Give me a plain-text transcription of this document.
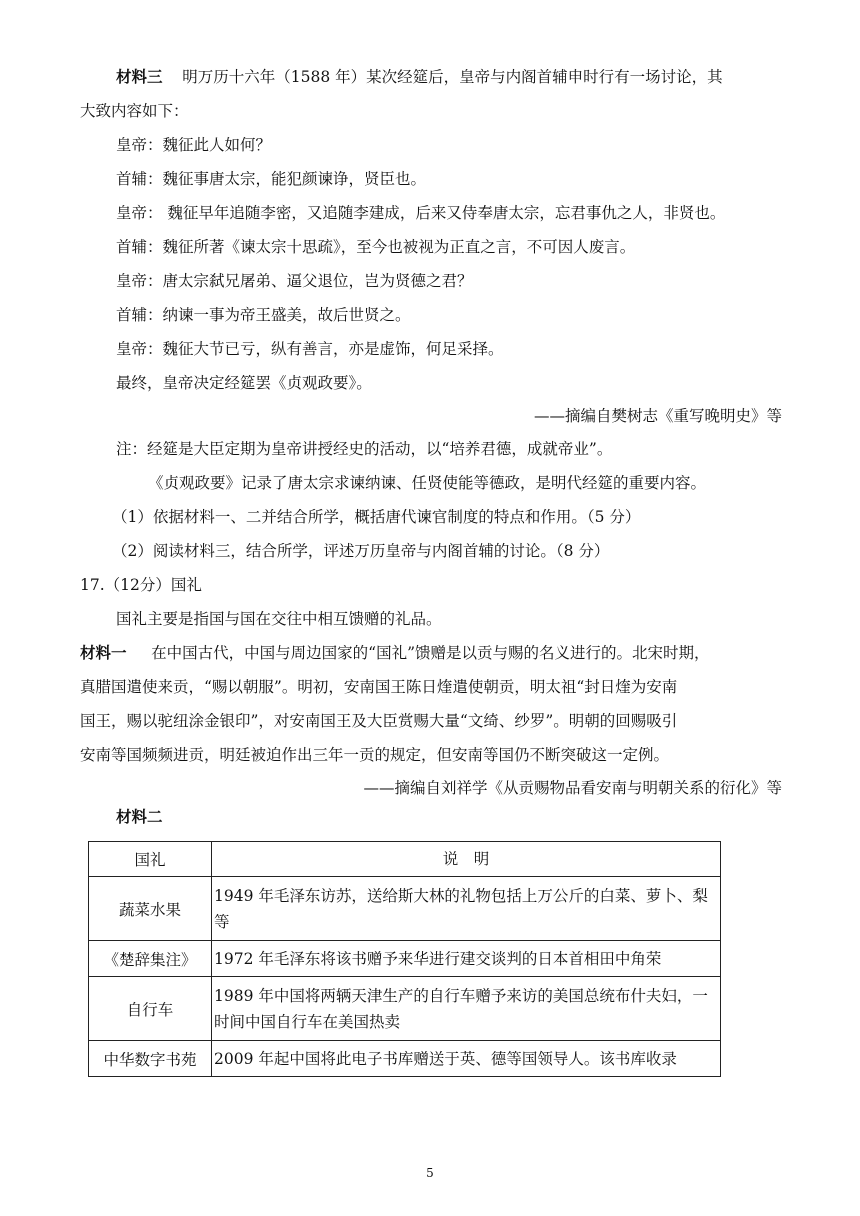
材料三 明万历十六年（1588 年）某次经筵后，皇帝与内阁首辅申时行有一场讨论，其
大致内容如下：
皇帝：魏征此人如何？
首辅：魏征事唐太宗，能犯颜谏诤，贤臣也。
皇帝： 魏征早年追随李密，又追随李建成，后来又侍奉唐太宗，忘君事仇之人，非贤也。
首辅：魏征所著《谏太宗十思疏》，至今也被视为正直之言，不可因人废言。
皇帝：唐太宗弑兄屠弟、逼父退位，岂为贤德之君？
首辅：纳谏一事为帝王盛美，故后世贤之。
皇帝：魏征大节已亏，纵有善言，亦是虚饰，何足采择。
最终，皇帝决定经筵罢《贞观政要》。
——摘编自樊树志《重写晚明史》等
注：经筵是大臣定期为皇帝讲授经史的活动，以“培养君德，成就帝业”。
《贞观政要》记录了唐太宗求谏纳谏、任贤使能等德政，是明代经筵的重要内容。
（1）依据材料一、二并结合所学，概括唐代谏官制度的特点和作用。（5 分）
（2）阅读材料三，结合所学，评述万历皇帝与内阁首辅的讨论。（8 分）
17.（12分）国礼
国礼主要是指国与国在交往中相互馈赠的礼品。
材料一 在中国古代，中国与周边国家的“国礼”馈赠是以贡与赐的名义进行的。北宋时期，
真腊国遣使来贡，“赐以朝服”。明初，安南国王陈日煃遣使朝贡，明太祖“封日煃为安南
国王，赐以驼纽涂金银印”，对安南国王及大臣赏赐大量“文绮、纱罗”。明朝的回赐吸引
安南等国频频进贡，明廷被迫作出三年一贡的规定，但安南等国仍不断突破这一定例。
——摘编自刘祥学《从贡赐物品看安南与明朝关系的衍化》等
材料二
国礼	说　明
蔬菜水果	1949 年毛泽东访苏，送给斯大林的礼物包括上万公斤的白菜、萝卜、梨等
《楚辞集注》	1972 年毛泽东将该书赠予来华进行建交谈判的日本首相田中角荣
自行车	1989 年中国将两辆天津生产的自行车赠予来访的美国总统布什夫妇，一时间中国自行车在美国热卖
中华数字书苑	2009 年起中国将此电子书库赠送于英、德等国领导人。该书库收录
5
